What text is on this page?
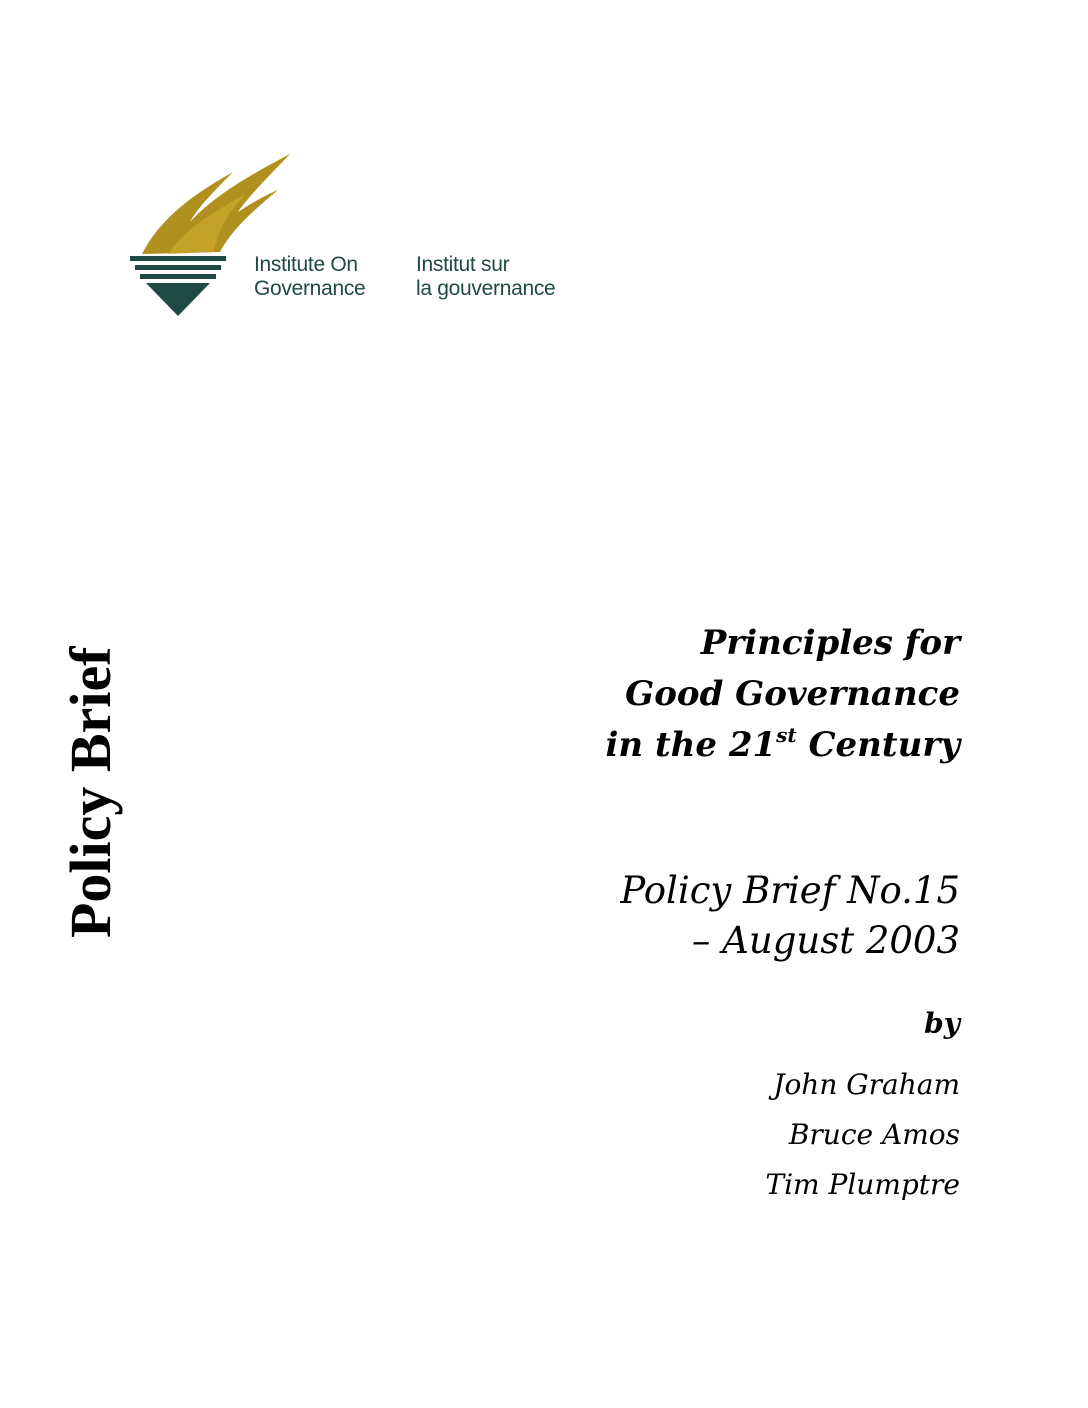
Institute On
Governance
Institut sur
la gouvernance
Policy Brief
Principles for
Good Governance
in the 21st Century
Policy Brief No.15
– August 2003
by
John Graham
Bruce Amos
Tim Plumptre
